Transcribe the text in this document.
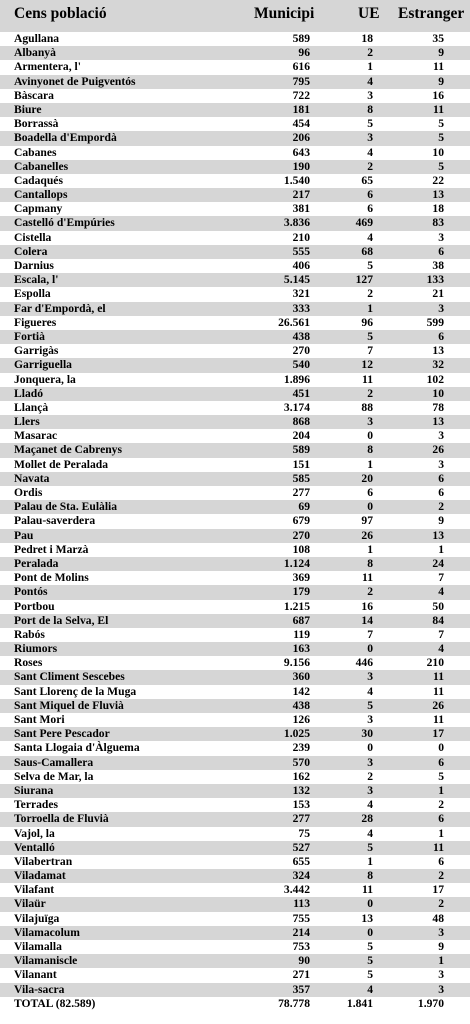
Cens població	Municipi	UE Estranger
Agullana	589	18	35
Albanyà	96	2	9
Armentera, l'	616	1	11
Avinyonet de Puigventós	795	4	9
Bàscara	722	3	16
Biure	181	8	11
Borrassà	454	5	5
Boadella d'Empordà	206	3	5
Cabanes	643	4	10
Cabanelles	190	2	5
Cadaqués	1.540	65	22
Cantallops	217	6	13
Capmany	381	6	18
Castelló d'Empúries	3.836	469	83
Cistella	210	4	3
Colera	555	68	6
Darnius	406	5	38
Escala, l'	5.145	127	133
Espolla	321	2	21
Far d'Empordà, el	333	1	3
Figueres	26.561	96	599
Fortià	438	5	6
Garrigàs	270	7	13
Garriguella	540	12	32
Jonquera, la	1.896	11	102
Lladó	451	2	10
Llançà	3.174	88	78
Llers	868	3	13
Masarac	204	0	3
Maçanet de Cabrenys	589	8	26
Mollet de Peralada	151	1	3
Navata	585	20	6
Ordis	277	6	6
Palau de Sta. Eulàlia	69	0	2
Palau-saverdera	679	97	9
Pau	270	26	13
Pedret i Marzà	108	1	1
Peralada	1.124	8	24
Pont de Molins	369	11	7
Pontós	179	2	4
Portbou	1.215	16	50
Port de la Selva, El	687	14	84
Rabós	119	7	7
Riumors	163	0	4
Roses	9.156	446	210
Sant Climent Sescebes	360	3	11
Sant Llorenç de la Muga	142	4	11
Sant Miquel de Fluvià	438	5	26
Sant Mori	126	3	11
Sant Pere Pescador	1.025	30	17
Santa Llogaia d'Àlguema	239	0	0
Saus-Camallera	570	3	6
Selva de Mar, la	162	2	5
Siurana	132	3	1
Terrades	153	4	2
Torroella de Fluvià	277	28	6
Vajol, la	75	4	1
Ventalló	527	5	11
Vilabertran	655	1	6
Viladamat	324	8	2
Vilafant	3.442	11	17
Vilaür	113	0	2
Vilajuïga	755	13	48
Vilamacolum	214	0	3
Vilamalla	753	5	9
Vilamaniscle	90	5	1
Vilanant	271	5	3
Vila-sacra	357	4	3
TOTAL (82.589)	78.778	1.841	1.970
